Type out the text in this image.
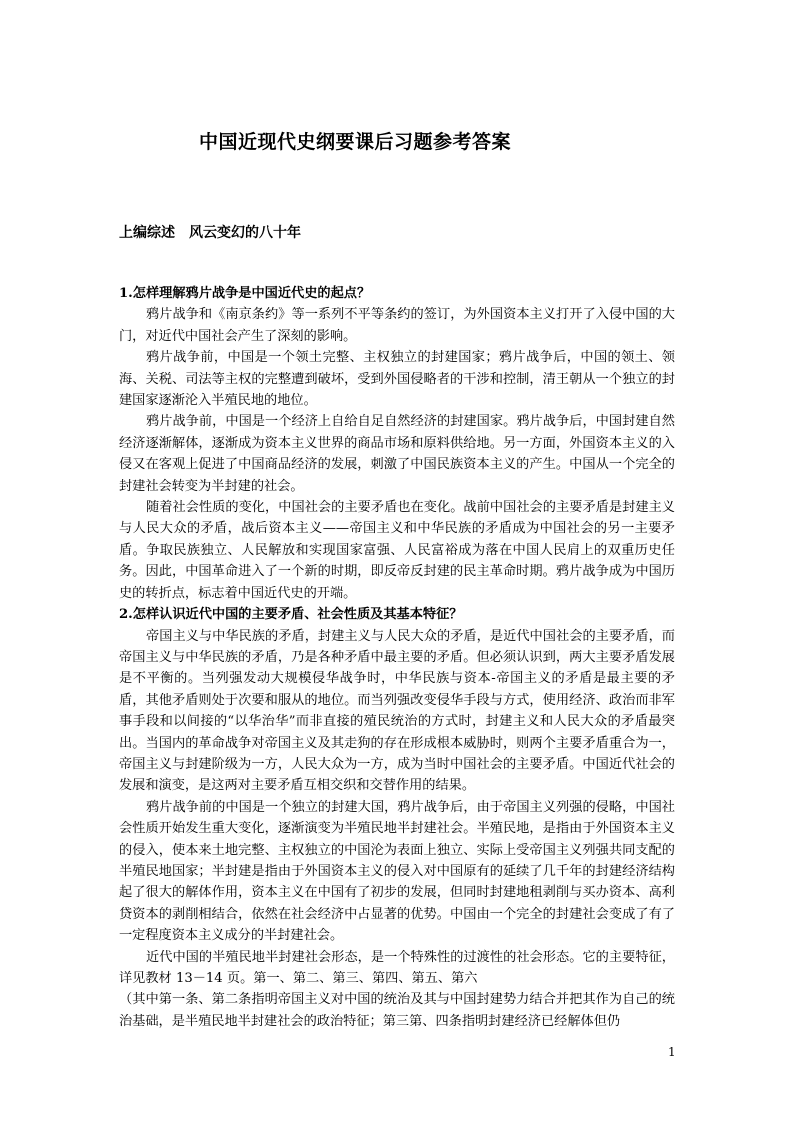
中国近现代史纲要课后习题参考答案
上编综述　风云变幻的八十年

1.怎样理解鸦片战争是中国近代史的起点？

鸦片战争和《南京条约》等一系列不平等条约的签订，为外国资本主义打开了入侵中国的大门，对近代中国社会产生了深刻的影响。

鸦片战争前，中国是一个领土完整、主权独立的封建国家；鸦片战争后，中国的领土、领海、关税、司法等主权的完整遭到破坏，受到外国侵略者的干涉和控制，清王朝从一个独立的封建国家逐渐沦入半殖民地的地位。

鸦片战争前，中国是一个经济上自给自足自然经济的封建国家。鸦片战争后，中国封建自然经济逐渐解体，逐渐成为资本主义世界的商品市场和原料供给地。另一方面，外国资本主义的入侵又在客观上促进了中国商品经济的发展，刺激了中国民族资本主义的产生。中国从一个完全的封建社会转变为半封建的社会。

随着社会性质的变化，中国社会的主要矛盾也在变化。战前中国社会的主要矛盾是封建主义与人民大众的矛盾，战后资本主义——帝国主义和中华民族的矛盾成为中国社会的另一主要矛盾。争取民族独立、人民解放和实现国家富强、人民富裕成为落在中国人民肩上的双重历史任务。因此，中国革命进入了一个新的时期，即反帝反封建的民主革命时期。鸦片战争成为中国历史的转折点，标志着中国近代史的开端。

2.怎样认识近代中国的主要矛盾、社会性质及其基本特征？

帝国主义与中华民族的矛盾，封建主义与人民大众的矛盾，是近代中国社会的主要矛盾，而帝国主义与中华民族的矛盾，乃是各种矛盾中最主要的矛盾。但必须认识到，两大主要矛盾发展是不平衡的。当列强发动大规模侵华战争时，中华民族与资本-帝国主义的矛盾是最主要的矛盾，其他矛盾则处于次要和服从的地位。而当列强改变侵华手段与方式，使用经济、政治而非军事手段和以间接的“以华治华”而非直接的殖民统治的方式时，封建主义和人民大众的矛盾最突出。当国内的革命战争对帝国主义及其走狗的存在形成根本威胁时，则两个主要矛盾重合为一，帝国主义与封建阶级为一方，人民大众为一方，成为当时中国社会的主要矛盾。中国近代社会的发展和演变，是这两对主要矛盾互相交织和交替作用的结果。

鸦片战争前的中国是一个独立的封建大国，鸦片战争后，由于帝国主义列强的侵略，中国社会性质开始发生重大变化，逐渐演变为半殖民地半封建社会。半殖民地，是指由于外国资本主义的侵入，使本来土地完整、主权独立的中国沦为表面上独立、实际上受帝国主义列强共同支配的半殖民地国家；半封建是指由于外国资本主义的侵入对中国原有的延续了几千年的封建经济结构起了很大的解体作用，资本主义在中国有了初步的发展，但同时封建地租剥削与买办资本、高利贷资本的剥削相结合，依然在社会经济中占显著的优势。中国由一个完全的封建社会变成了有了一定程度资本主义成分的半封建社会。

近代中国的半殖民地半封建社会形态，是一个特殊性的过渡性的社会形态。它的主要特征，详见教材 13－14 页。第一、第二、第三、第四、第五、第六

（其中第一条、第二条指明帝国主义对中国的统治及其与中国封建势力结合并把其作为自己的统治基础，是半殖民地半封建社会的政治特征；第三第、四条指明封建经济已经解体但仍

1
